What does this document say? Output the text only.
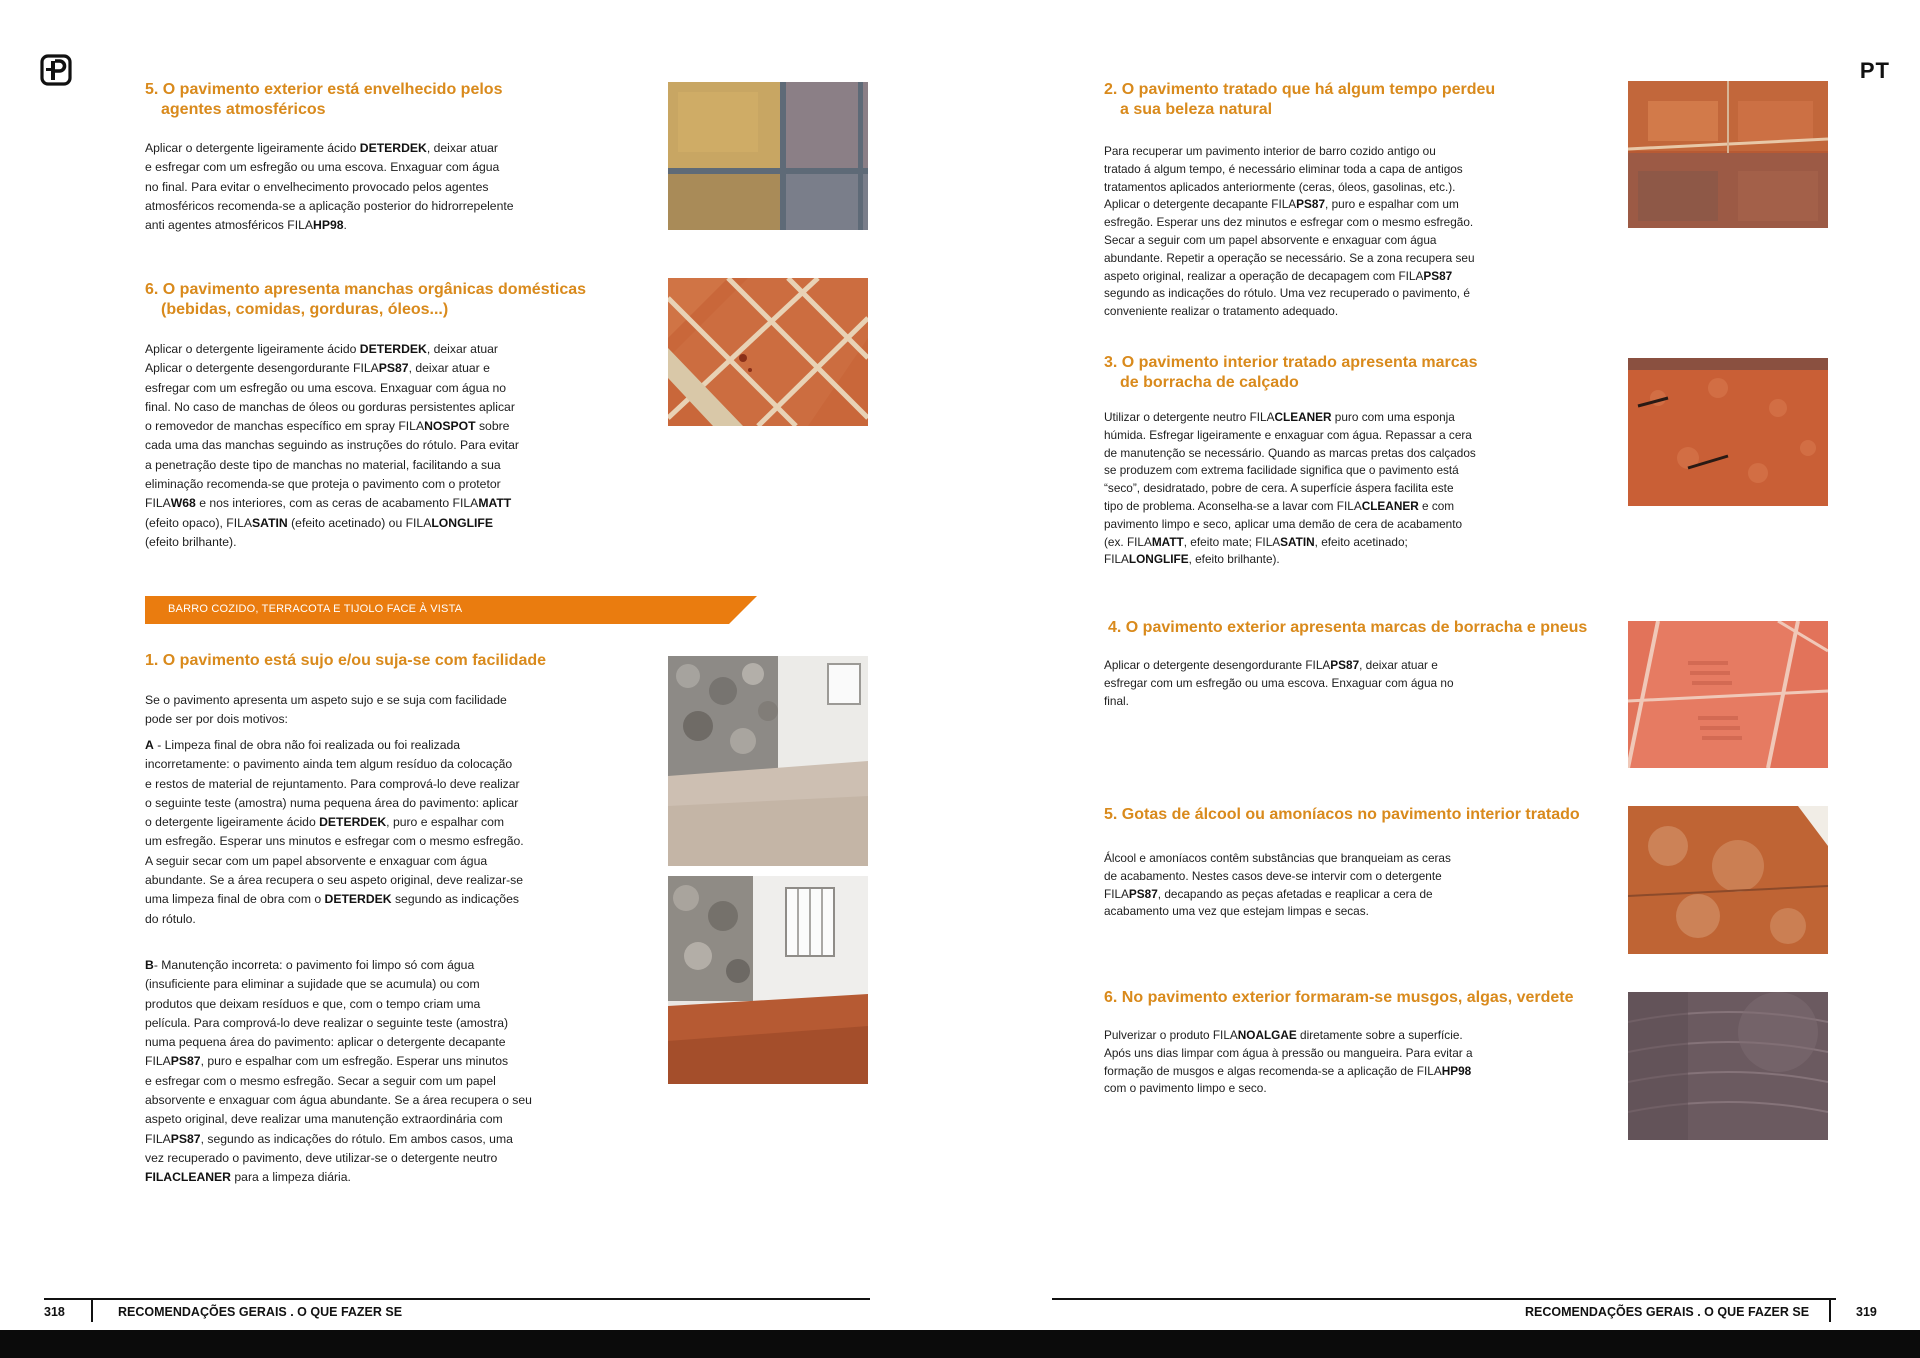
5. O pavimento exterior está envelhecido pelos
agentes atmosféricos
Aplicar o detergente ligeiramente ácido DETERDEK, deixar atuar
e esfregar com um esfregão ou uma escova. Enxaguar com água
no final. Para evitar o envelhecimento provocado pelos agentes
atmosféricos recomenda-se a aplicação posterior do hidrorrepelente
anti agentes atmosféricos FILAHP98.
6. O pavimento apresenta manchas orgânicas domésticas
(bebidas, comidas, gorduras, óleos...)
Aplicar o detergente ligeiramente ácido DETERDEK, deixar atuar
Aplicar o detergente desengordurante FILAPS87, deixar atuar e
esfregar com um esfregão ou uma escova. Enxaguar com água no
final. No caso de manchas de óleos ou gorduras persistentes aplicar
o removedor de manchas específico em spray FILANOSPOT sobre
cada uma das manchas seguindo as instruções do rótulo. Para evitar
a penetração deste tipo de manchas no material, facilitando a sua
eliminação recomenda-se que proteja o pavimento com o protetor
FILAW68 e nos interiores, com as ceras de acabamento FILAMATT
(efeito opaco), FILASATIN (efeito acetinado) ou FILALONGLIFE
(efeito brilhante).
BARRO COZIDO, TERRACOTA E TIJOLO FACE À VISTA
1. O pavimento está sujo e/ou suja-se com facilidade
Se o pavimento apresenta um aspeto sujo e se suja com facilidade
pode ser por dois motivos:
A - Limpeza final de obra não foi realizada ou foi realizada
incorretamente: o pavimento ainda tem algum resíduo da colocação
e restos de material de rejuntamento. Para comprová-lo deve realizar
o seguinte teste (amostra) numa pequena área do pavimento: aplicar
o detergente ligeiramente ácido DETERDEK, puro e espalhar com
um esfregão. Esperar uns minutos e esfregar com o mesmo esfregão.
A seguir secar com um papel absorvente e enxaguar com água
abundante. Se a área recupera o seu aspeto original, deve realizar-se
uma limpeza final de obra com o DETERDEK segundo as indicações
do rótulo.
B- Manutenção incorreta: o pavimento foi limpo só com água
(insuficiente para eliminar a sujidade que se acumula) ou com
produtos que deixam resíduos e que, com o tempo criam uma
película. Para comprová-lo deve realizar o seguinte teste (amostra)
numa pequena área do pavimento: aplicar o detergente decapante
FILAPS87, puro e espalhar com um esfregão. Esperar uns minutos
e esfregar com o mesmo esfregão. Secar a seguir com um papel
absorvente e enxaguar com água abundante. Se a área recupera o seu
aspeto original, deve realizar uma manutenção extraordinária com
FILAPS87, segundo as indicações do rótulo. Em ambos casos, uma
vez recuperado o pavimento, deve utilizar-se o detergente neutro
FILACLEANER para a limpeza diária.
318	RECOMENDAÇÕES GERAIS . O QUE FAZER SE
PT
2. O pavimento tratado que há algum tempo perdeu
a sua beleza natural
Para recuperar um pavimento interior de barro cozido antigo ou
tratado á algum tempo, é necessário eliminar toda a capa de antigos
tratamentos aplicados anteriormente (ceras, óleos, gasolinas, etc.).
Aplicar o detergente decapante FILAPS87, puro e espalhar com um
esfregão. Esperar uns dez minutos e esfregar com o mesmo esfregão.
Secar a seguir com um papel absorvente e enxaguar com água
abundante. Repetir a operação se necessário. Se a zona recupera seu
aspeto original, realizar a operação de decapagem com FILAPS87
segundo as indicações do rótulo. Uma vez recuperado o pavimento, é
conveniente realizar o tratamento adequado.
3. O pavimento interior tratado apresenta marcas
de borracha de calçado
Utilizar o detergente neutro FILACLEANER puro com uma esponja
húmida. Esfregar ligeiramente e enxaguar com água. Repassar a cera
de manutenção se necessário. Quando as marcas pretas dos calçados
se produzem com extrema facilidade significa que o pavimento está
“seco”, desidratado, pobre de cera. A superfície áspera facilita este
tipo de problema. Aconselha-se a lavar com FILACLEANER e com
pavimento limpo e seco, aplicar uma demão de cera de acabamento
(ex. FILAMATT, efeito mate; FILASATIN, efeito acetinado;
FILALONGLIFE, efeito brilhante).
4. O pavimento exterior apresenta marcas de borracha e pneus
Aplicar o detergente desengordurante FILAPS87, deixar atuar e
esfregar com um esfregão ou uma escova. Enxaguar com água no
final.
5. Gotas de álcool ou amoníacos no pavimento interior tratado
Álcool e amoníacos contêm substâncias que branqueiam as ceras
de acabamento. Nestes casos deve-se intervir com o detergente
FILAPS87, decapando as peças afetadas e reaplicar a cera de
acabamento uma vez que estejam limpas e secas.
6. No pavimento exterior formaram-se musgos, algas, verdete
Pulverizar o produto FILANOALGAE diretamente sobre a superfície.
Após uns dias limpar com água à pressão ou mangueira. Para evitar a
formação de musgos e algas recomenda-se a aplicação de FILAHP98
com o pavimento limpo e seco.
RECOMENDAÇÕES GERAIS . O QUE FAZER SE	319
